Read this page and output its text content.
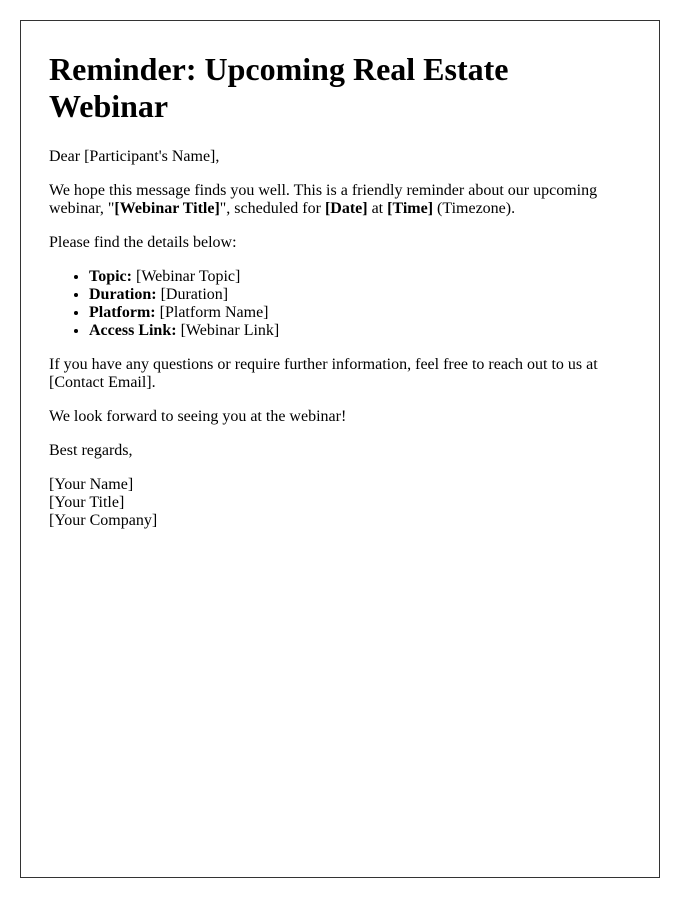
Reminder: Upcoming Real Estate Webinar

Dear [Participant's Name],

We hope this message finds you well. This is a friendly reminder about our upcoming webinar, "[Webinar Title]", scheduled for [Date] at [Time] (Timezone).

Please find the details below:

• Topic: [Webinar Topic]
• Duration: [Duration]
• Platform: [Platform Name]
• Access Link: [Webinar Link]

If you have any questions or require further information, feel free to reach out to us at [Contact Email].

We look forward to seeing you at the webinar!

Best regards,

[Your Name]
[Your Title]
[Your Company]
